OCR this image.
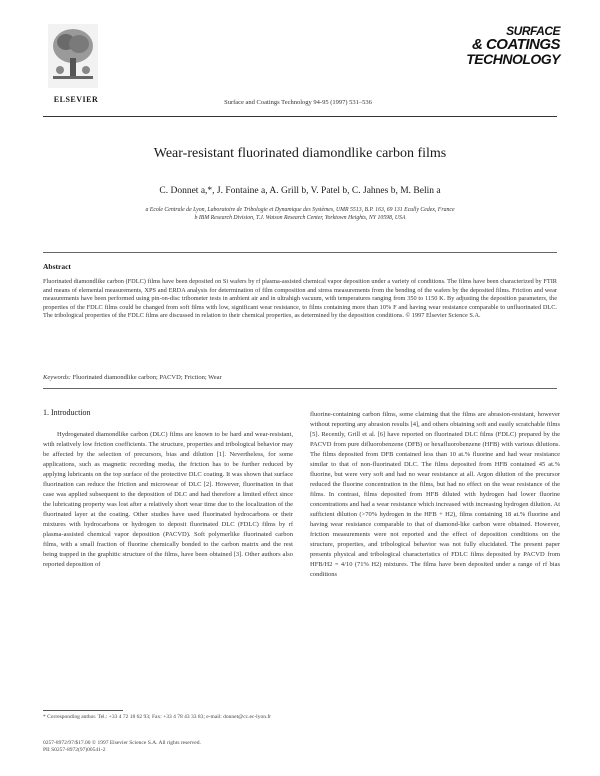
ELSEVIER	Surface and Coatings Technology 94-95 (1997) 531–536
SURFACE
& COATINGS
TECHNOLOGY
Wear-resistant fluorinated diamondlike carbon films
C. Donnet a,*, J. Fontaine a, A. Grill b, V. Patel b, C. Jahnes b, M. Belin a
a Ecole Centrale de Lyon, Laboratoire de Tribologie et Dynamique des Systèmes, UMR 5513, B.P. 163, 69 131 Ecully Cedex, France
b IBM Research Division, T.J. Watson Research Center, Yorktown Heights, NY 10598, USA
Abstract
Fluorinated diamondlike carbon (FDLC) films have been deposited on Si wafers by rf plasma-assisted chemical vapor deposition under a variety of conditions. The films have been characterized by FTIR and means of elemental measurements, XPS and ERDA analysis for determination of film composition and stress measurements from the bending of the wafers by the deposited films. Friction and wear measurements have been performed using pin-on-disc tribometer tests in ambient air and in ultrahigh vacuum, with temperatures ranging from 350 to 1150 K. By adjusting the deposition parameters, the properties of the FDLC films could be changed from soft films with low, significant wear resistance, to films containing more than 10% F and having wear resistance comparable to unfluorinated DLC. The tribological properties of the FDLC films are discussed in relation to their chemical properties, as determined by the deposition conditions. © 1997 Elsevier Science S.A.
Keywords: Fluorinated diamondlike carbon; PACVD; Friction; Wear
1. Introduction
Hydrogenated diamondlike carbon (DLC) films are known to be hard and wear-resistant, with relatively low friction coefficients. The structure, properties and tribological behavior may be affected by the selection of precursors, bias and dilution [1]. Nevertheless, for some applications, such as magnetic recording media, the friction has to be further reduced by applying lubricants on the top surface of the protective DLC coating. It was shown that surface fluorination can reduce the friction and microwear of DLC [2]. However, fluorination in that case was applied subsequent to the deposition of DLC and had therefore a limited effect since the lubricating property was lost after a relatively short wear time due to the localization of the fluorinated layer at the coating. Other studies have used fluorinated hydrocarbons or their mixtures with hydrocarbons or hydrogen to deposit fluorinated DLC (FDLC) films by rf plasma-assisted chemical vapor deposition (PACVD). Soft polymerlike fluorinated carbon films, with a small fraction of fluorine chemically bonded to the carbon matrix and the rest being trapped in the graphitic structure of the films, have been obtained [3]. Other authors also reported deposition of
fluorine-containing carbon films, some claiming that the films are abrasion-resistant, however without reporting any abrasion results [4], and others obtaining soft and easily scratchable films [5]. Recently, Grill et al. [6] have reported on fluorinated DLC films (FDLC) prepared by the PACVD from pure difluorobenzene (DFB) or hexafluorobenzene (HFB) with various dilutions. The films deposited from DFB contained less than 10 at.% fluorine and had wear resistance similar to that of non-fluorinated DLC. The films deposited from HFB contained 45 at.% fluorine, but were very soft and had no wear resistance at all. Argon dilution of the precursor reduced the fluorine concentration in the films, but had no effect on the wear resistance of the films. In contrast, films deposited from HFB diluted with hydrogen had lower fluorine concentrations and had a wear resistance which increased with increasing hydrogen dilution. At sufficient dilution (>70% hydrogen in the HFB + H2), films containing 18 at.% fluorine and having wear resistance comparable to that of diamond-like carbon were obtained. However, friction measurements were not reported and the effect of deposition conditions on the structure, properties, and tribological behavior was not fully elucidated. The present paper presents physical and tribological characteristics of FDLC films deposited by PACVD from HFB/H2 = 4/10 (71% H2) mixtures. The films have been deposited under a range of rf bias conditions
* Corresponding author. Tel.: +33 4 72 18 62 93; Fax: +33 4 78 43 33 83; e-mail: donnet@cc.ec-lyon.fr
0257-8972/97/$17.00 © 1997 Elsevier Science S.A. All rights reserved.
PII S0257-8972(97)00541-2
